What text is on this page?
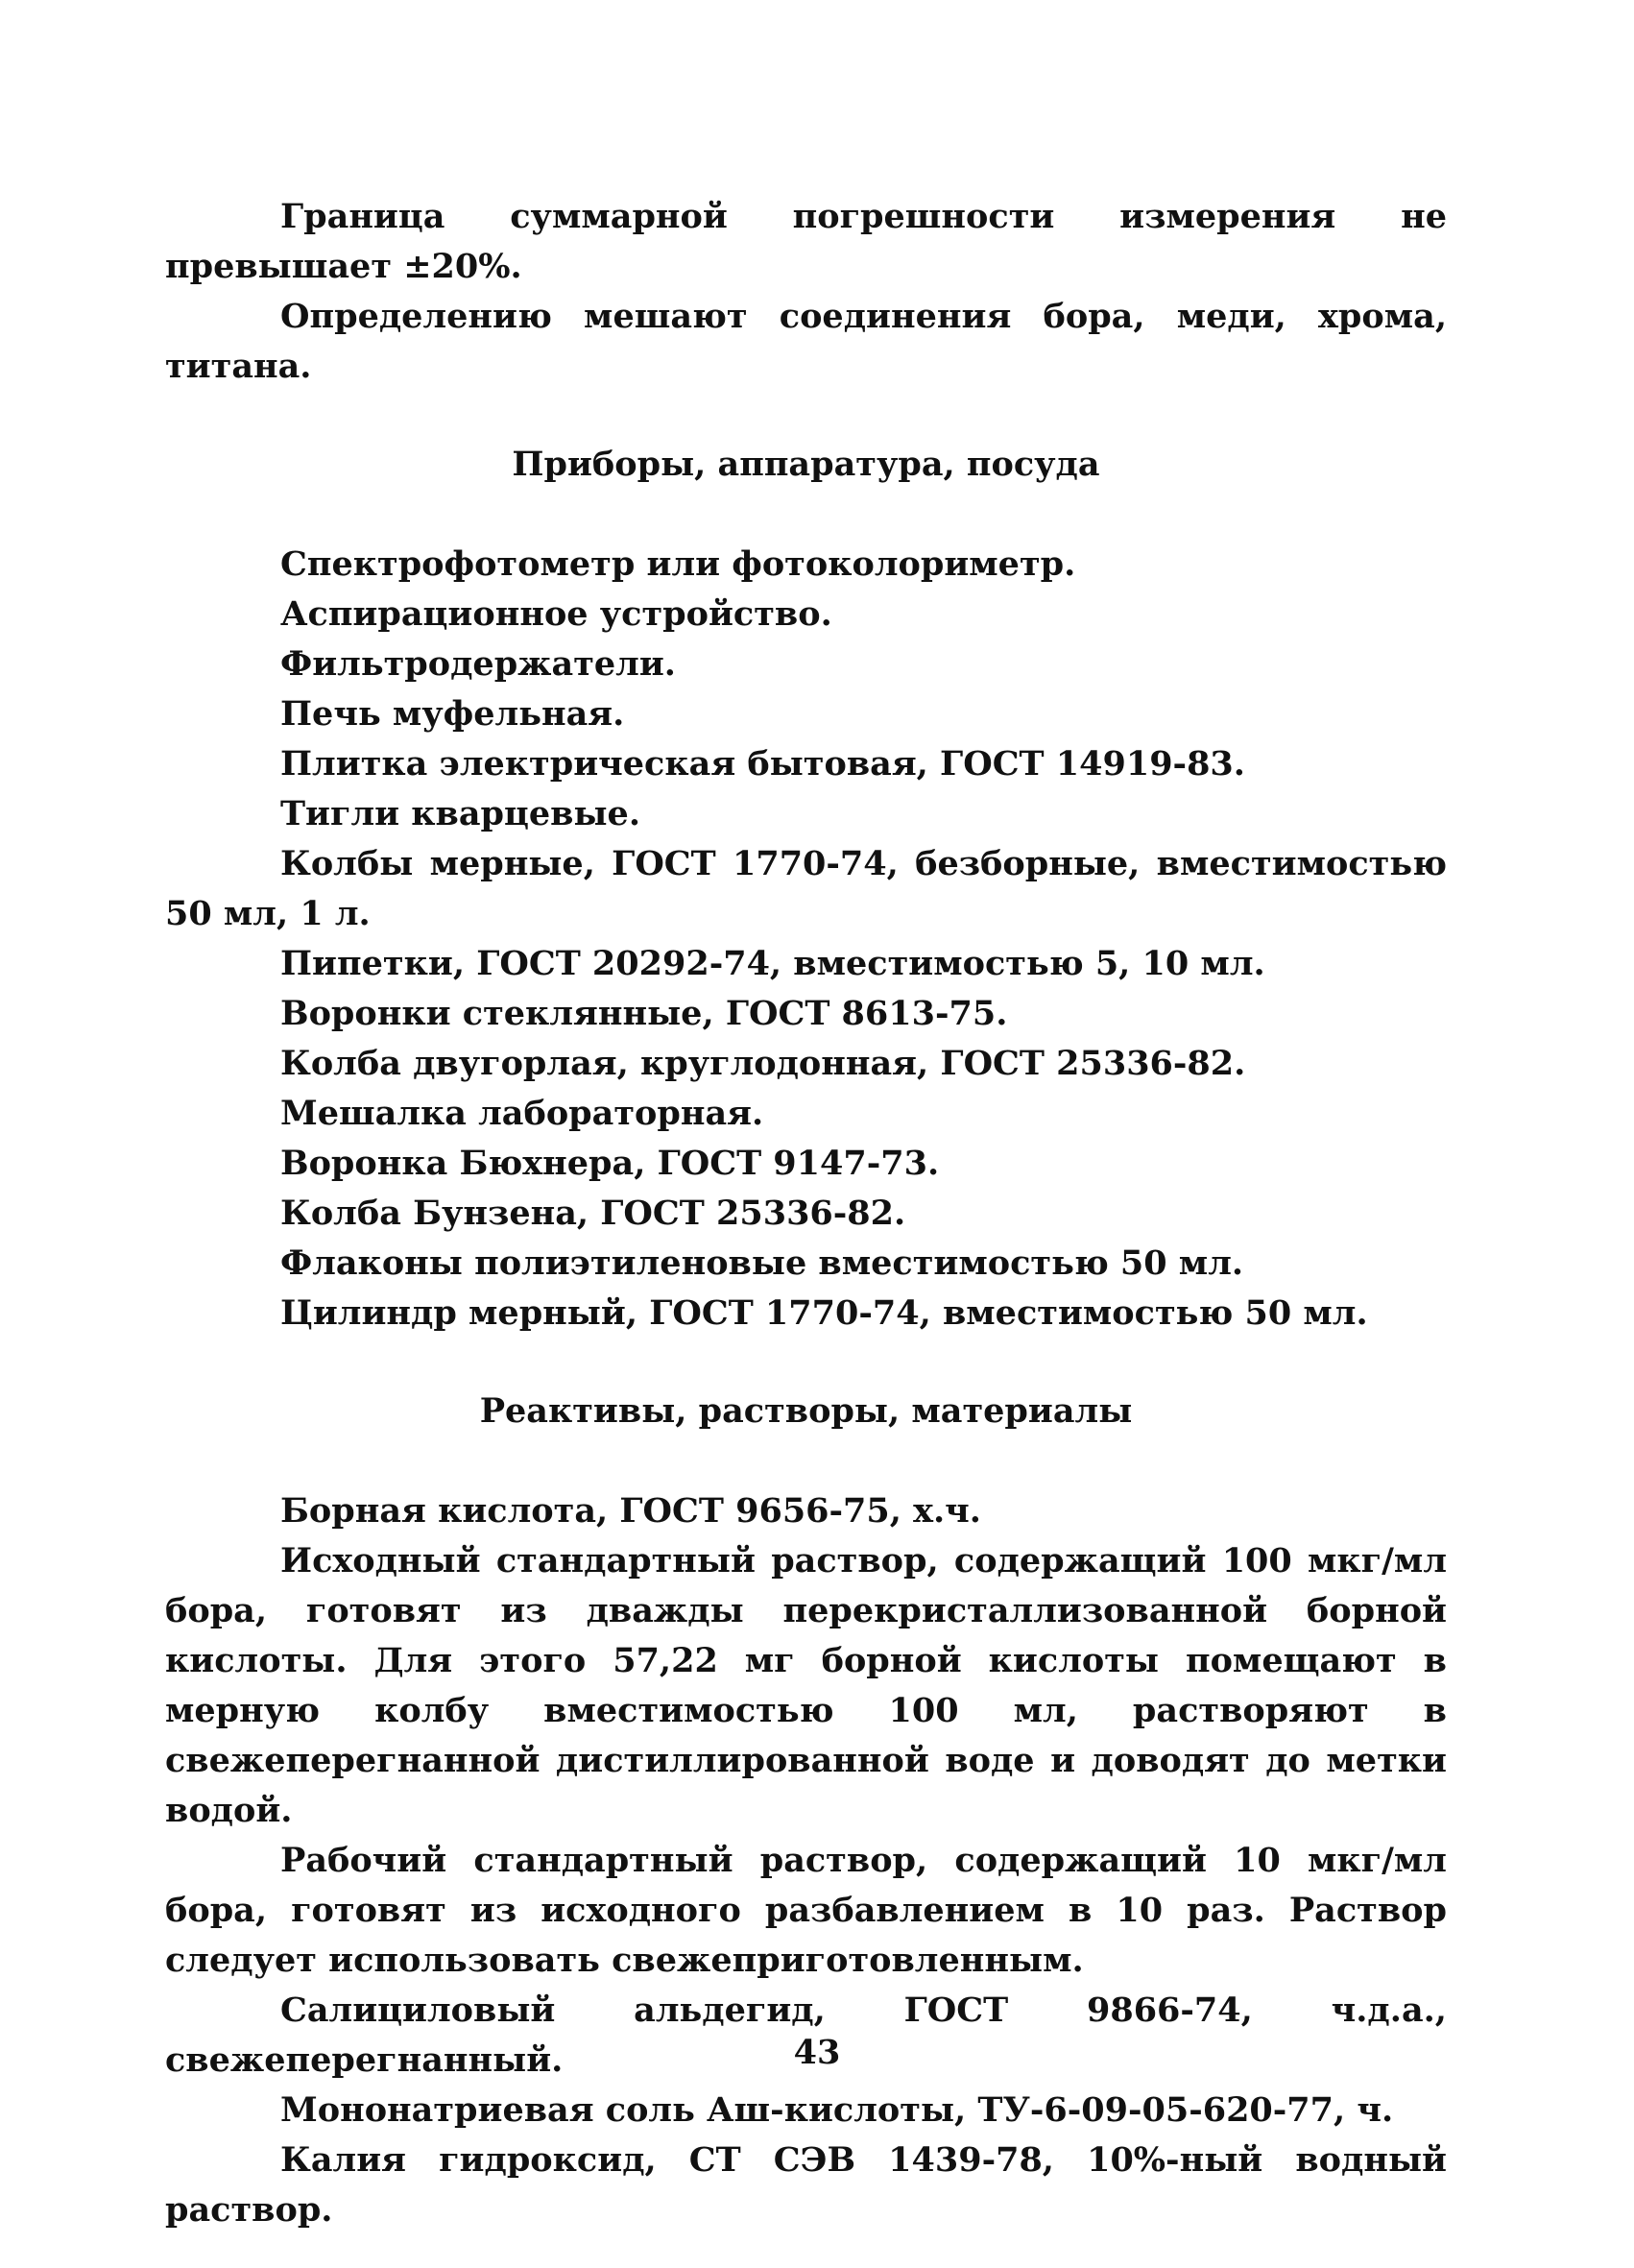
Граница суммарной погрешности измерения не превышает ±20%.

Определению мешают соединения бора, меди, хрома, титана.

Приборы, аппаратура, посуда

Спектрофотометр или фотоколориметр.

Аспирационное устройство.

Фильтродержатели.

Печь муфельная.

Плитка электрическая бытовая, ГОСТ 14919-83.

Тигли кварцевые.

Колбы мерные, ГОСТ 1770-74, безборные, вместимостью 50 мл, 1 л.

Пипетки, ГОСТ 20292-74, вместимостью 5, 10 мл.

Воронки стеклянные, ГОСТ 8613-75.

Колба двугорлая, круглодонная, ГОСТ 25336-82.

Мешалка лабораторная.

Воронка Бюхнера, ГОСТ 9147-73.

Колба Бунзена, ГОСТ 25336-82.

Флаконы полиэтиленовые вместимостью 50 мл.

Цилиндр мерный, ГОСТ 1770-74, вместимостью 50 мл.

Реактивы, растворы, материалы

Борная кислота, ГОСТ 9656-75, х.ч.

Исходный стандартный раствор, содержащий 100 мкг/мл бора, готовят из дважды перекристаллизованной борной кислоты. Для этого 57,22 мг борной кислоты помещают в мерную колбу вместимостью 100 мл, растворяют в свежеперегнанной дистиллированной воде и доводят до метки водой.

Рабочий стандартный раствор, содержащий 10 мкг/мл бора, готовят из исходного разбавлением в 10 раз. Раствор следует использовать свежеприготовленным.

Салициловый альдегид, ГОСТ 9866-74, ч.д.а., свежеперегнанный.

Мононатриевая соль Аш-кислоты, ТУ-6-09-05-620-77, ч.

Калия гидроксид, СТ СЭВ 1439-78, 10%-ный водный раствор.

43
